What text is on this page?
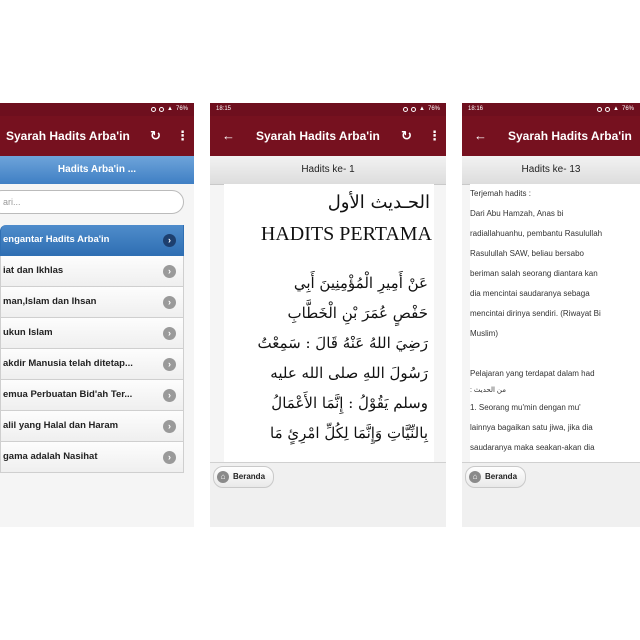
▲ 76%
Syarah Hadits Arba'in ↻ ⋮
Hadits Arba'in ...
ari...
engantar Hadits Arba'in	›
iat dan Ikhlas	›
man,Islam dan Ihsan	›
ukun Islam	›
akdir Manusia telah ditetap...	›
emua Perbuatan Bid'ah Ter...	›
alil yang Halal dan Haram	›
gama adalah Nasihat	›
18:15	▲ 76%
← Syarah Hadits Arba'in ↻ ⋮
Hadits ke- 1
الحـديث الأول
HADITS PERTAMA
عَنْ أَمِيرِ الْمُؤْمِنِينَ أَبِي
حَفْصٍ عُمَرَ بْنِ الْخَطَّابِ
رَضِيَ اللهُ عَنْهُ قَالَ : سَمِعْتُ
رَسُولَ اللهِ صلى الله عليه
وسلم يَقُوْلُ : إِنَّمَا الأَعْمَالُ
بِالنِّيَّاتِ وَإِنَّمَا لِكُلِّ امْرِئٍ مَا
⌂ Beranda
18:16	▲ 76%
← Syarah Hadits Arba'in
Hadits ke- 13

Terjemah hadits :

Dari Abu Hamzah, Anas bi

radiallahuanhu, pembantu Rasulullah

Rasulullah SAW, beliau bersabo

beriman salah seorang diantara kan

dia mencintai saudaranya sebaga

mencintai dirinya sendiri. (Riwayat Bi

Muslim)

Pelajaran yang terdapat dalam had

من الحديث :

1. Seorang mu'min dengan mu'

lainnya bagaikan satu jiwa, jika dia

saudaranya maka seakan-akan dia

⌂ Beranda
